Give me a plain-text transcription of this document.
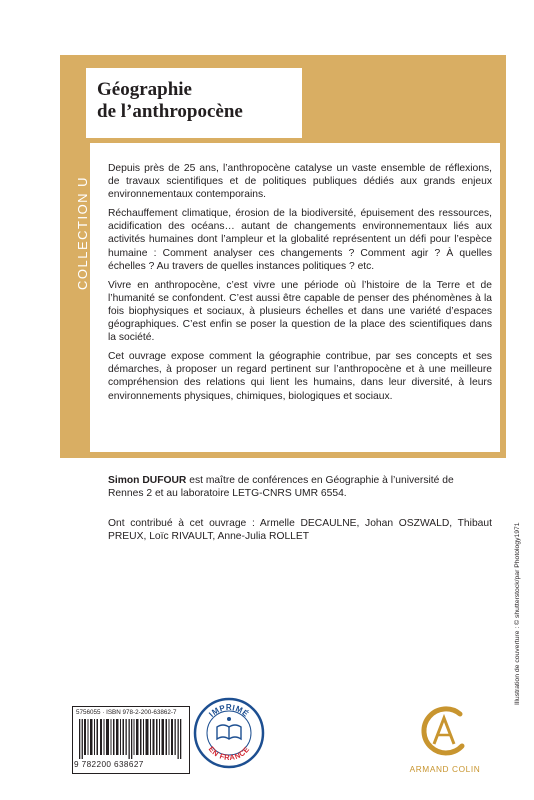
Géographie
de l’anthropocène
COLLECTION U

Depuis près de 25 ans, l’anthropocène catalyse un vaste ensemble de réflexions, de travaux scientifiques et de politiques publiques dédiés aux grands enjeux environnementaux contemporains.

Réchauffement climatique, érosion de la biodiversité, épuisement des ressources, acidification des océans… autant de changements environnementaux liés aux activités humaines dont l’ampleur et la globalité représentent un défi pour l’espèce humaine : Comment analyser ces changements ? Comment agir ? À quelles échelles ? Au travers de quelles instances politiques ? etc.

Vivre en anthropocène, c’est vivre une période où l’histoire de la Terre et de l’humanité se confondent. C’est aussi être capable de penser des phénomènes à la fois biophysiques et sociaux, à plusieurs échelles et dans une variété d’espaces géographiques. C’est enfin se poser la question de la place des scientifiques dans la société.

Cet ouvrage expose comment la géographie contribue, par ses concepts et ses démarches, à proposer un regard pertinent sur l’anthropocène et à une meilleure compréhension des relations qui lient les humains, dans leur diversité, à leurs environnements physiques, chimiques, biologiques et sociaux.

Simon DUFOUR est maître de conférences en Géographie à l’université de Rennes 2 et au laboratoire LETG-CNRS UMR 6554.

Ont contribué à cet ouvrage : Armelle DECAULNE, Johan OSZWALD, Thibaut PREUX, Loïc RIVAULT, Anne-Julia ROLLET	Illustration de couverture : © shutterstock/par Photology1971
5756055 · ISBN 978-2-200-63862-7
9 782200 638627
IMPRIMÉ
EN FRANCE
ARMAND COLIN
